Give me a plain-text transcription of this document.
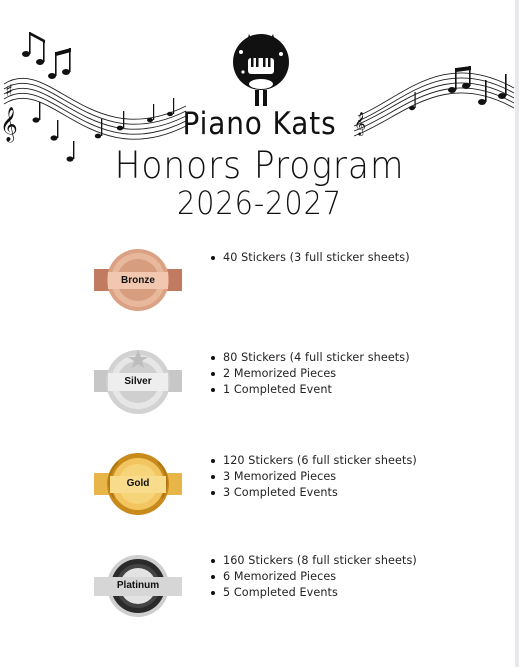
𝄞
♯
𝄞
Piano Kats
Honors Program
2026-2027
Bronze
40 Stickers (3 full sticker sheets)
Silver
80 Stickers (4 full sticker sheets)
2 Memorized Pieces
1 Completed Event
Gold
120 Stickers (6 full sticker sheets)
3 Memorized Pieces
3 Completed Events
Platinum
160 Stickers (8 full sticker sheets)
6 Memorized Pieces
5 Completed Events
